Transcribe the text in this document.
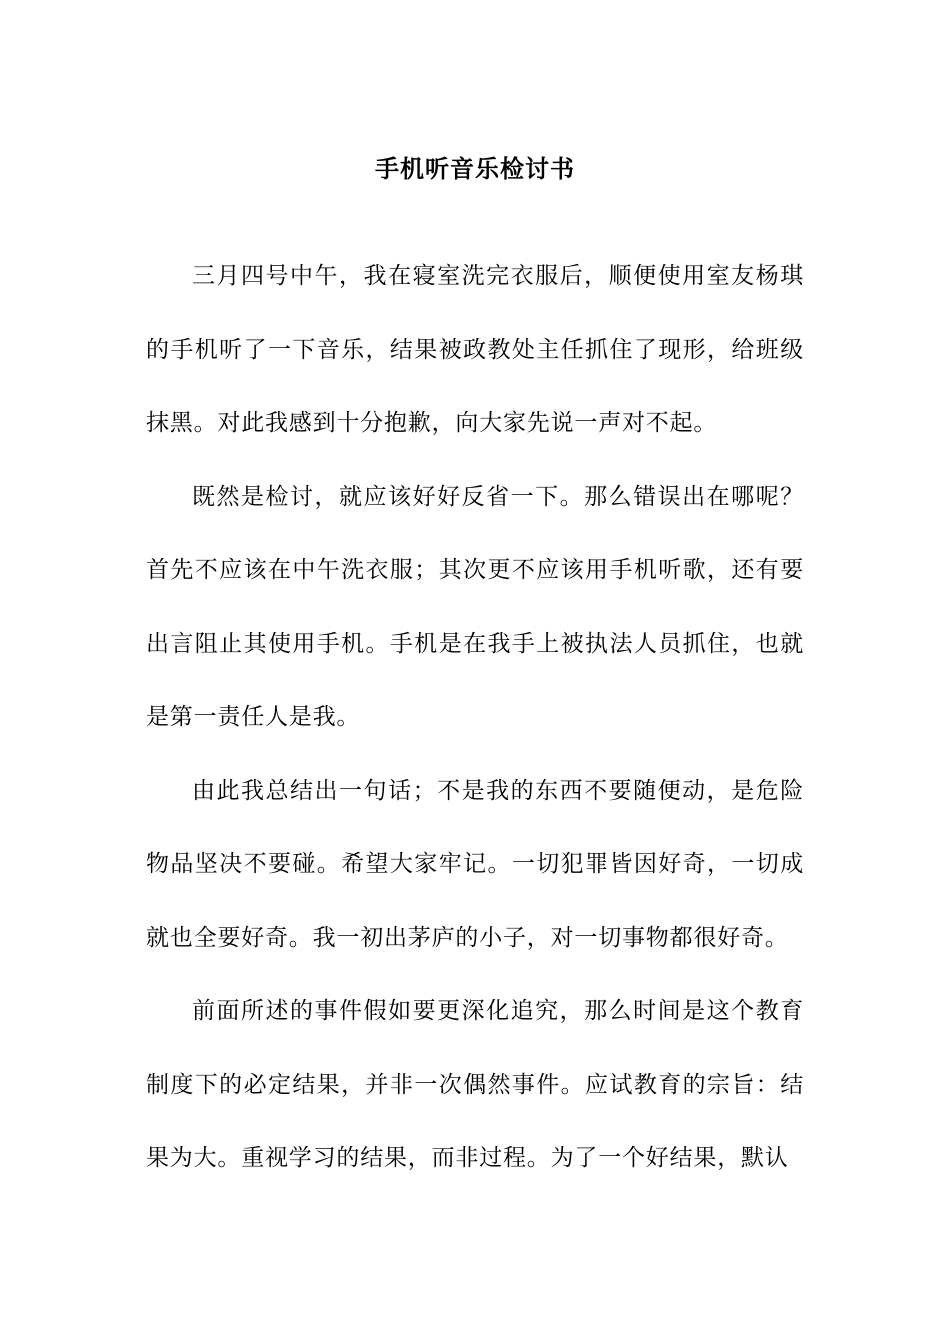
手机听音乐检讨书

三月四号中午，我在寝室洗完衣服后，顺便使用室友杨琪的手机听了一下音乐，结果被政教处主任抓住了现形，给班级抹黑。对此我感到十分抱歉，向大家先说一声对不起。

既然是检讨，就应该好好反省一下。那么错误出在哪呢？首先不应该在中午洗衣服；其次更不应该用手机听歌，还有要出言阻止其使用手机。手机是在我手上被执法人员抓住，也就是第一责任人是我。

由此我总结出一句话；不是我的东西不要随便动，是危险物品坚决不要碰。希望大家牢记。一切犯罪皆因好奇，一切成就也全要好奇。我一初出茅庐的小子，对一切事物都很好奇。

前面所述的事件假如要更深化追究，那么时间是这个教育制度下的必定结果，并非一次偶然事件。应试教育的宗旨：结果为大。重视学习的结果，而非过程。为了一个好结果，默认
